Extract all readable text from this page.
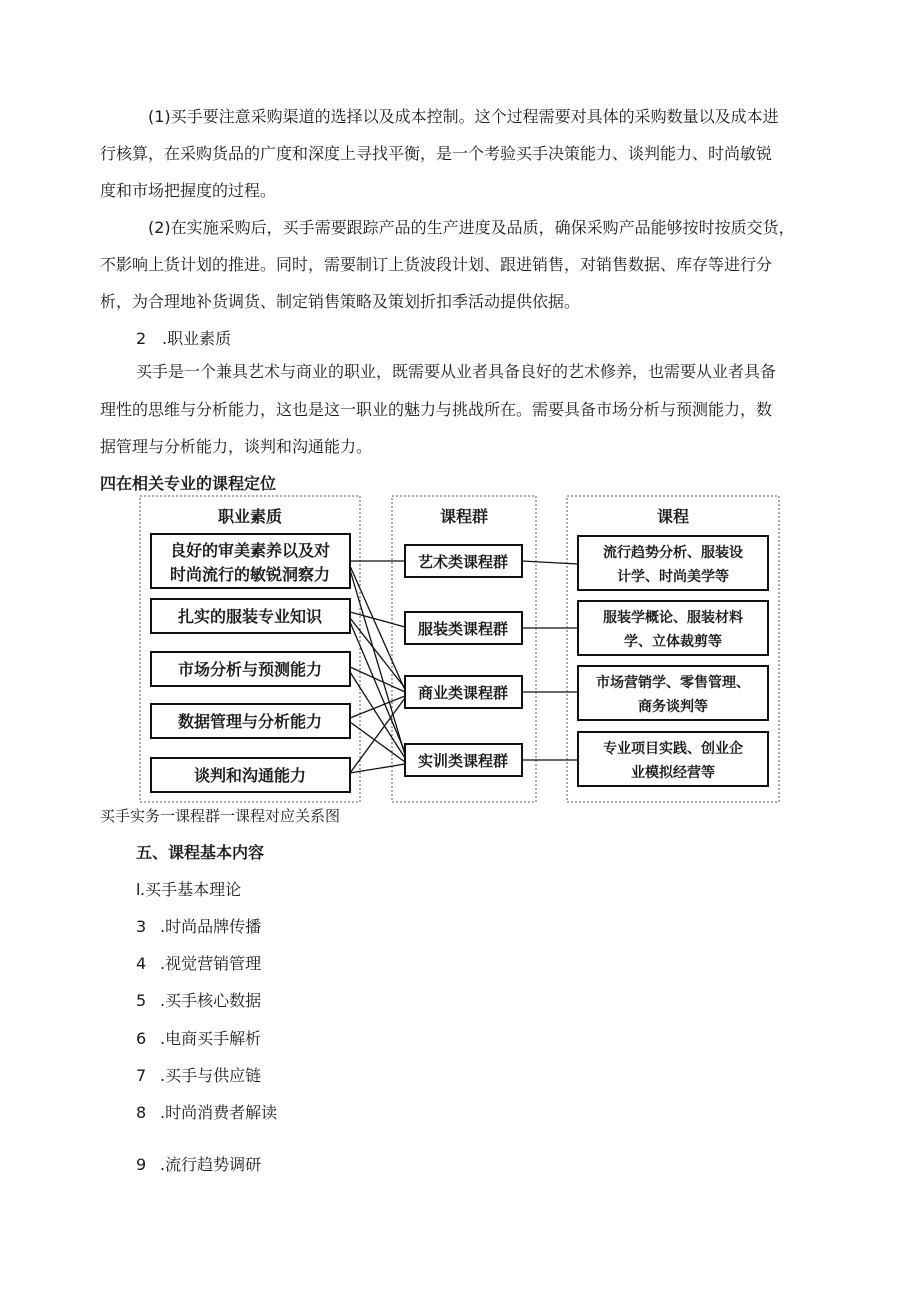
(1)买手要注意采购渠道的选择以及成本控制。这个过程需要对具体的采购数量以及成本进
行核算，在采购货品的广度和深度上寻找平衡，是一个考验买手决策能力、谈判能力、时尚敏锐
度和市场把握度的过程。
(2)在实施采购后，买手需要跟踪产品的生产进度及品质，确保采购产品能够按时按质交货，
不影响上货计划的推进。同时，需要制订上货波段计划、跟进销售，对销售数据、库存等进行分
析，为合理地补货调货、制定销售策略及策划折扣季活动提供依据。
2 .职业素质
买手是一个兼具艺术与商业的职业，既需要从业者具备良好的艺术修养，也需要从业者具备
理性的思维与分析能力，这也是这一职业的魅力与挑战所在。需要具备市场分析与预测能力，数
据管理与分析能力，谈判和沟通能力。
四在相关专业的课程定位
职业素质	课程群	课程
良好的审美素养以及对
时尚流行的敏锐洞察力
扎实的服装专业知识
市场分析与预测能力
数据管理与分析能力
谈判和沟通能力
艺术类课程群
服装类课程群
商业类课程群
实训类课程群
流行趋势分析、服装设
计学、时尚美学等
服装学概论、服装材料
学、立体裁剪等
市场营销学、零售管理、
商务谈判等
专业项目实践、创业企
业模拟经营等
买手实务一课程群一课程对应关系图
五、课程基本内容
l .买手基本理论
3 .时尚品牌传播
4 .视觉营销管理
5 .买手核心数据
6 .电商买手解析
7 .买手与供应链
8 .时尚消费者解读
9 .流行趋势调研
